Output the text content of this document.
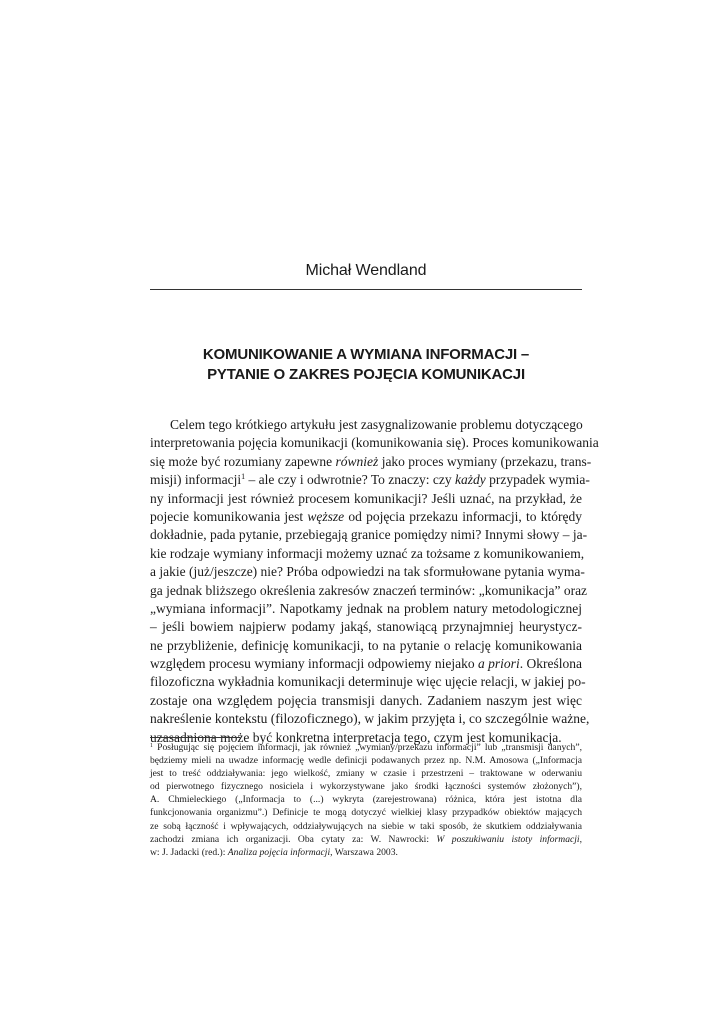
Michał Wendland
KOMUNIKOWANIE A WYMIANA INFORMACJI –
PYTANIE O ZAKRES POJĘCIA KOMUNIKACJI
Celem tego krótkiego artykułu jest zasygnalizowanie problemu dotyczącego
interpretowania pojęcia komunikacji (komunikowania się). Proces komunikowania
się może być rozumiany zapewne również jako proces wymiany (przekazu, trans-
misji) informacji$^1$ – ale czy i odwrotnie? To znaczy: czy każdy przypadek wymia-
ny informacji jest również procesem komunikacji? Jeśli uznać, na przykład, że
pojecie komunikowania jest węższe od pojęcia przekazu informacji, to którędy
dokładnie, pada pytanie, przebiegają granice pomiędzy nimi? Innymi słowy – ja-
kie rodzaje wymiany informacji możemy uznać za tożsame z komunikowaniem,
a jakie (już/jeszcze) nie? Próba odpowiedzi na tak sformułowane pytania wyma-
ga jednak bliższego określenia zakresów znaczeń terminów: „komunikacja” oraz
„wymiana informacji”. Napotkamy jednak na problem natury metodologicznej
– jeśli bowiem najpierw podamy jakąś, stanowiącą przynajmniej heurystycz-
ne przybliżenie, definicję komunikacji, to na pytanie o relację komunikowania
względem procesu wymiany informacji odpowiemy niejako a priori. Określona
filozoficzna wykładnia komunikacji determinuje więc ujęcie relacji, w jakiej po-
zostaje ona względem pojęcia transmisji danych. Zadaniem naszym jest więc
nakreślenie kontekstu (filozoficznego), w jakim przyjęta i, co szczególnie ważne,
uzasadniona może być konkretna interpretacja tego, czym jest komunikacja.
$^1$ Posługując się pojęciem informacji, jak również „wymiany/przekazu informacji” lub „transmisji danych”,
będziemy mieli na uwadze informację wedle definicji podawanych przez np. N.M. Amosowa („Informacja
jest to treść oddziaływania: jego wielkość, zmiany w czasie i przestrzeni – traktowane w oderwaniu
od pierwotnego fizycznego nosiciela i wykorzystywane jako środki łączności systemów złożonych”),
A. Chmieleckiego („Informacja to (...) wykryta (zarejestrowana) różnica, która jest istotna dla
funkcjonowania organizmu”.) Definicje te mogą dotyczyć wielkiej klasy przypadków obiektów mających
ze sobą łączność i wpływających, oddziaływujących na siebie w taki sposób, że skutkiem oddziaływania
zachodzi zmiana ich organizacji. Oba cytaty za: W. Nawrocki: W poszukiwaniu istoty informacji,
w: J. Jadacki (red.): Analiza pojęcia informacji, Warszawa 2003.
